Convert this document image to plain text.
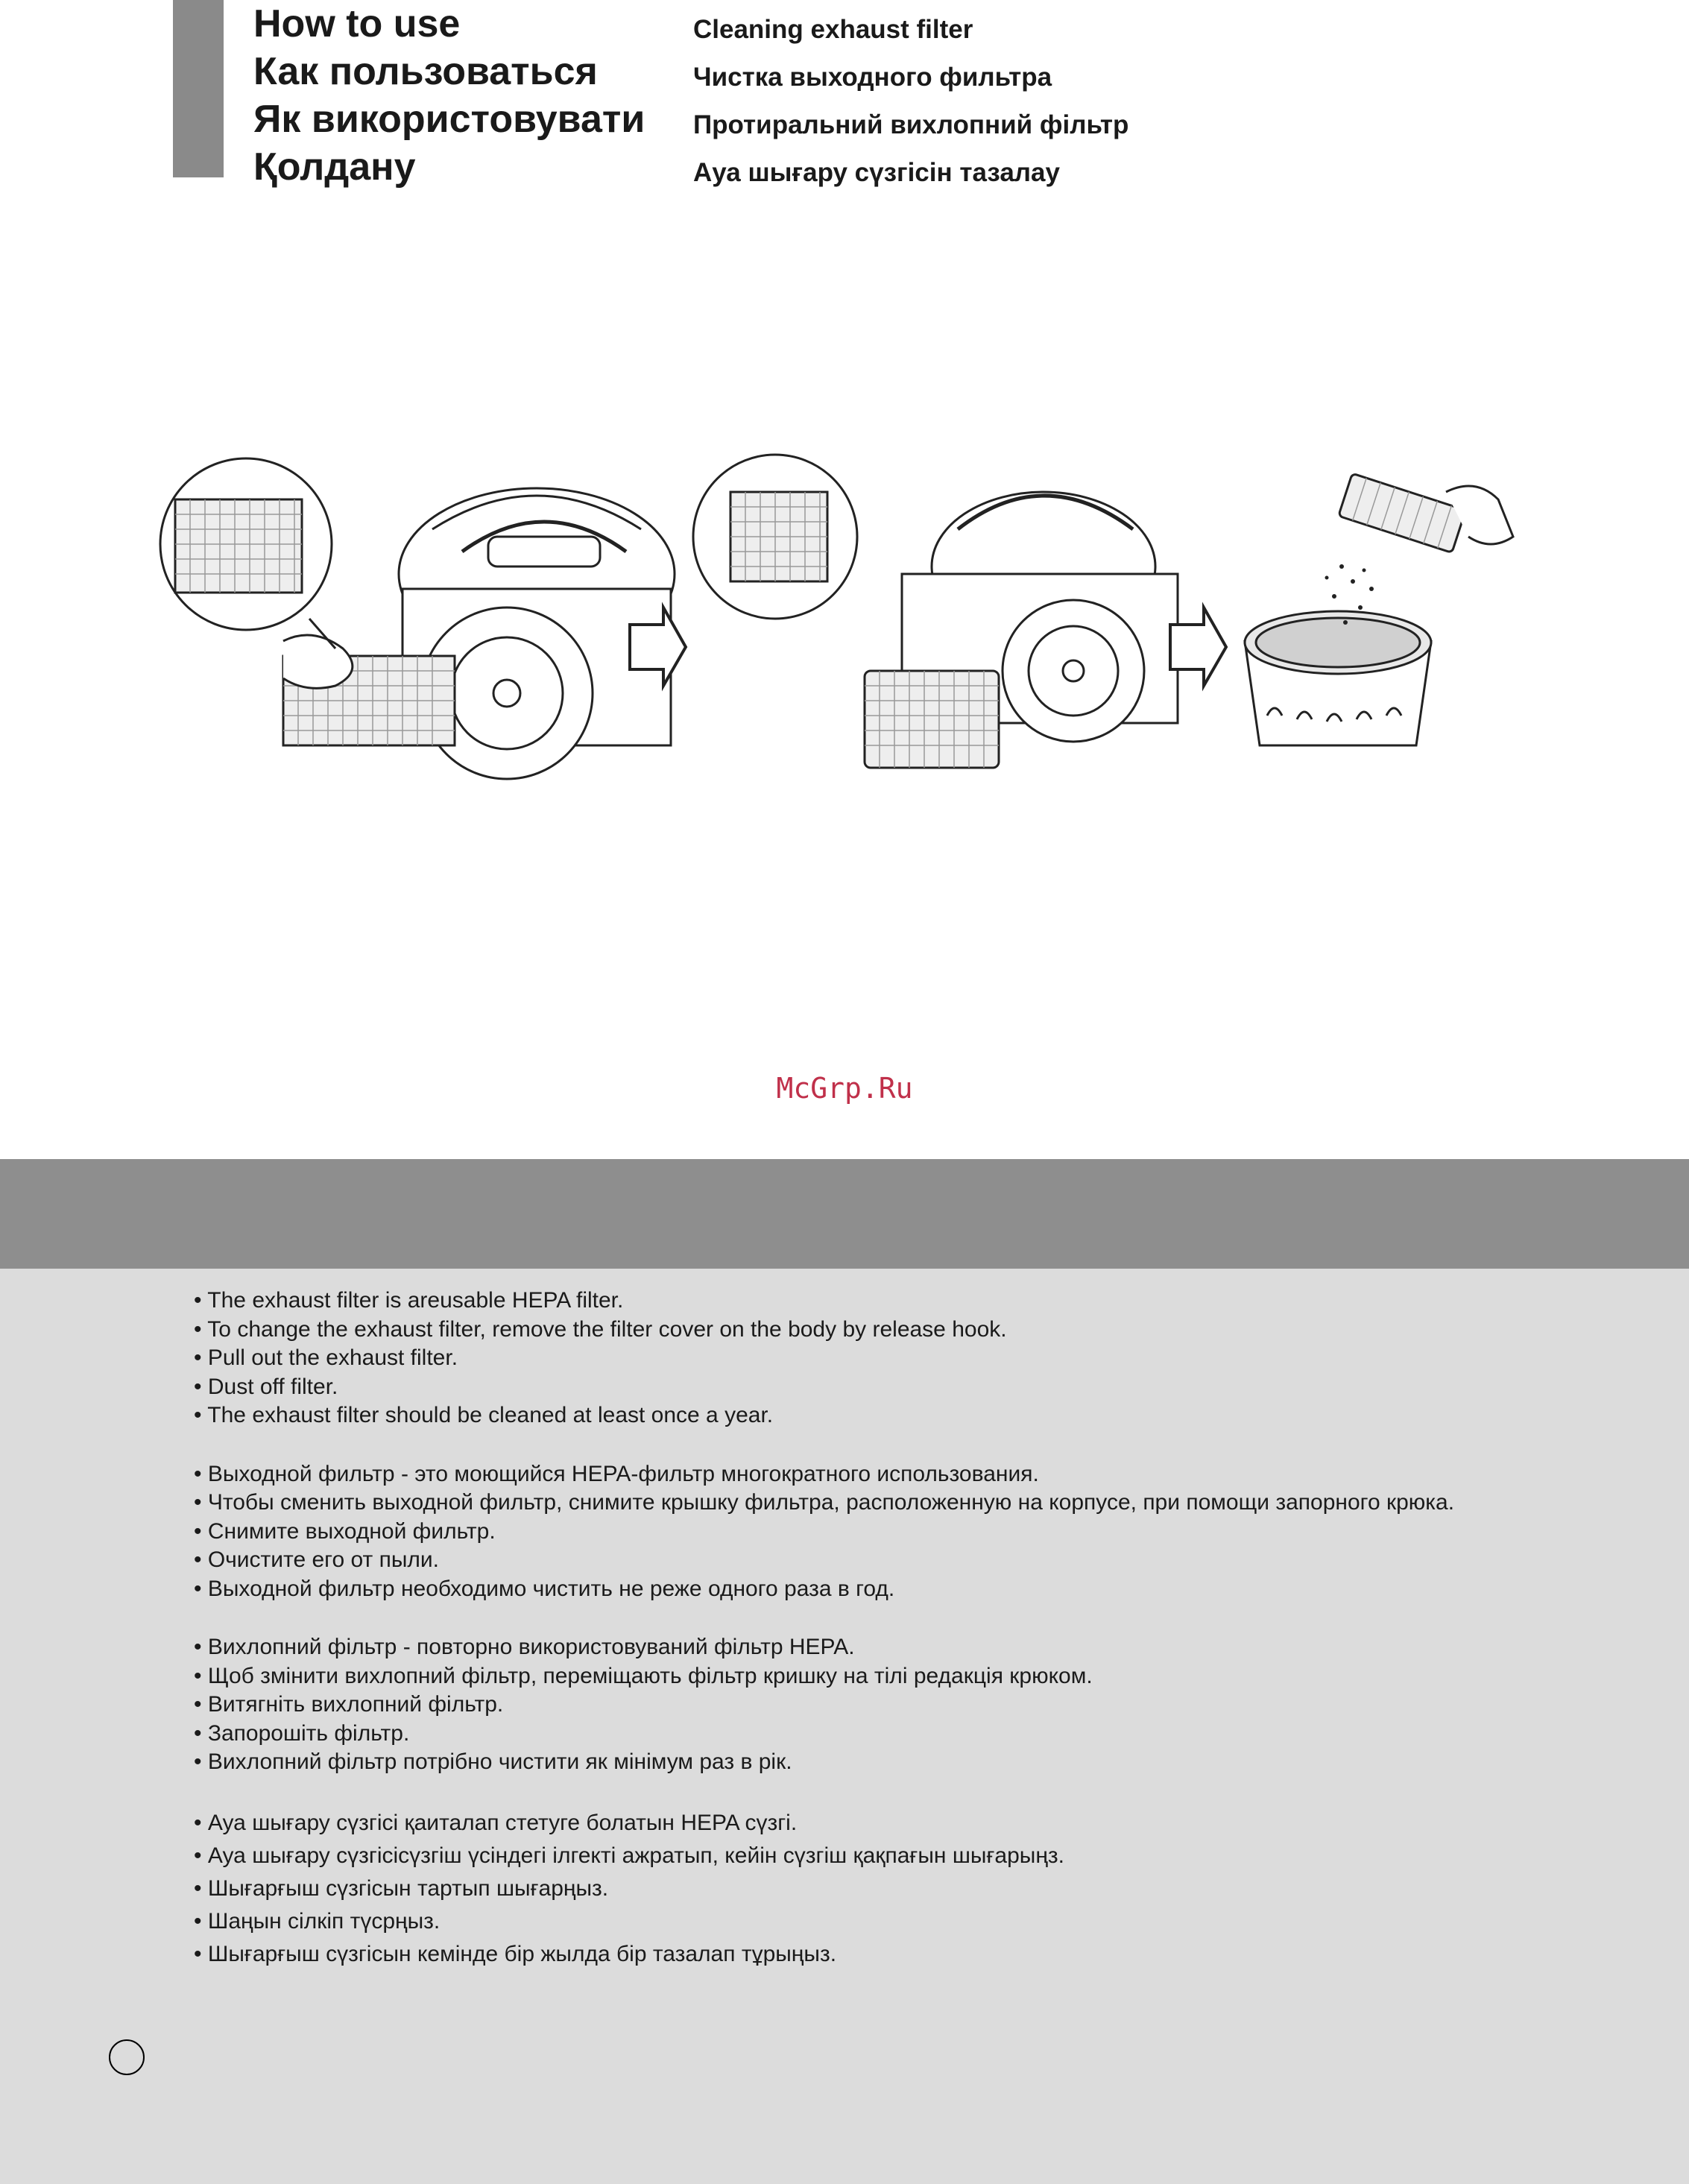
How to use
Как пользоваться
Як використовувати
Қолдану
Cleaning exhaust filter
Чистка выходного фильтра
Протиральний вихлопний фільтр
Ауа шығару сүзгісін тазалау
McGrp.Ru
• The exhaust filter is areusable HEPA filter.
• To change the exhaust filter, remove the filter cover on the body by release hook.
• Pull out the exhaust filter.
• Dust off filter.
• The exhaust filter should be cleaned at least once a year.
• Выходной фильтр - это моющийся HEPA-фильтр многократного использования.
• Чтобы сменить выходной фильтр, снимите крышку фильтра, расположенную на корпусе, при помощи запорного крюка.
• Снимите выходной фильтр.
• Очистите его от пыли.
• Выходной фильтр необходимо чистить не реже одного раза в год.
• Вихлопний фільтр - повторно використовуваний фільтр HEPA.
• Щоб змінити вихлопний фільтр, переміщають фільтр кришку на тілі редакція крюком.
• Витягніть вихлопний фільтр.
• Запорошіть фільтр.
• Вихлопний фільтр потрібно чистити як мінімум раз в рік.
• Ауа шығару сүзгісі қаиталап стетуге болатын HEPA сүзгі.
• Ауа шығару сүзгісісүзгіш үсіндегі ілгекті ажратып, кейін сүзгіш қақпағын шығарыңз.
• Шығарғыш сүзгісын тартып шығарңыз.
• Шаңын сілкіп түсрңыз.
• Шығарғыш сүзгісын кемінде бір жылда бір тазалап тұрыңыз.
